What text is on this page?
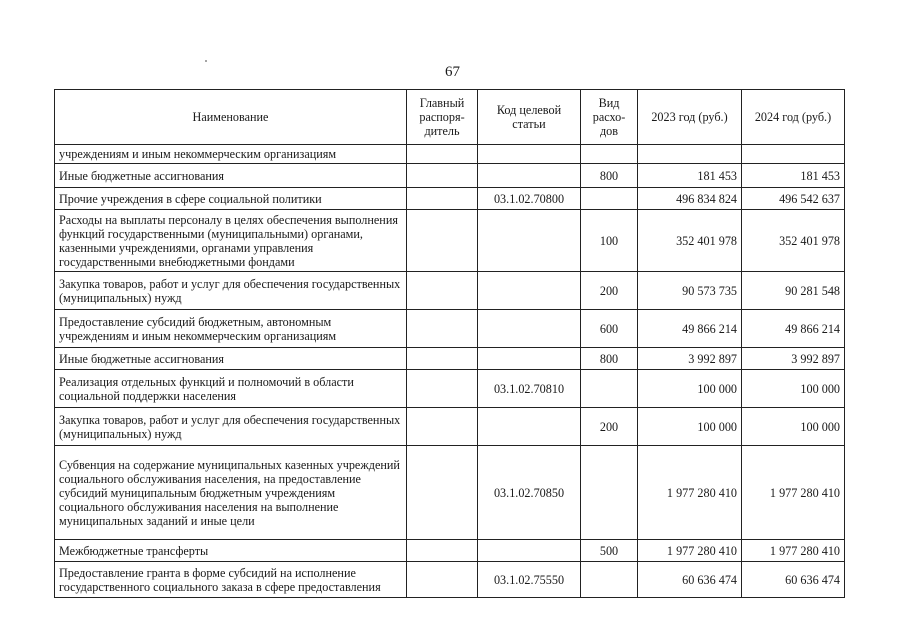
67
Наименование	Главный распоря-дитель	Код целевой статьи	Вид расхо-дов	2023 год (руб.)	2024 год (руб.)
учреждениям и иным некоммерческим организациям					
Иные бюджетные ассигнования			800	181 453	181 453
Прочие учреждения в сфере социальной политики		03.1.02.70800		496 834 824	496 542 637
Расходы на выплаты персоналу в целях обеспечения выполнения функций государственными (муниципальными) органами, казенными учреждениями, органами управления государственными внебюджетными фондами			100	352 401 978	352 401 978
Закупка товаров, работ и услуг для обеспечения государственных (муниципальных) нужд			200	90 573 735	90 281 548
Предоставление субсидий бюджетным, автономным учреждениям и иным некоммерческим организациям			600	49 866 214	49 866 214
Иные бюджетные ассигнования			800	3 992 897	3 992 897
Реализация отдельных функций и полномочий в области социальной поддержки населения		03.1.02.70810		100 000	100 000
Закупка товаров, работ и услуг для обеспечения государственных (муниципальных) нужд			200	100 000	100 000
Субвенция на содержание муниципальных казенных учреждений социального обслуживания населения, на предоставление субсидий муниципальным бюджетным учреждениям социального обслуживания населения на выполнение муниципальных заданий и иные цели		03.1.02.70850		1 977 280 410	1 977 280 410
Межбюджетные трансферты			500	1 977 280 410	1 977 280 410
Предоставление гранта в форме субсидий на исполнение государственного социального заказа в сфере предоставления		03.1.02.75550		60 636 474	60 636 474
